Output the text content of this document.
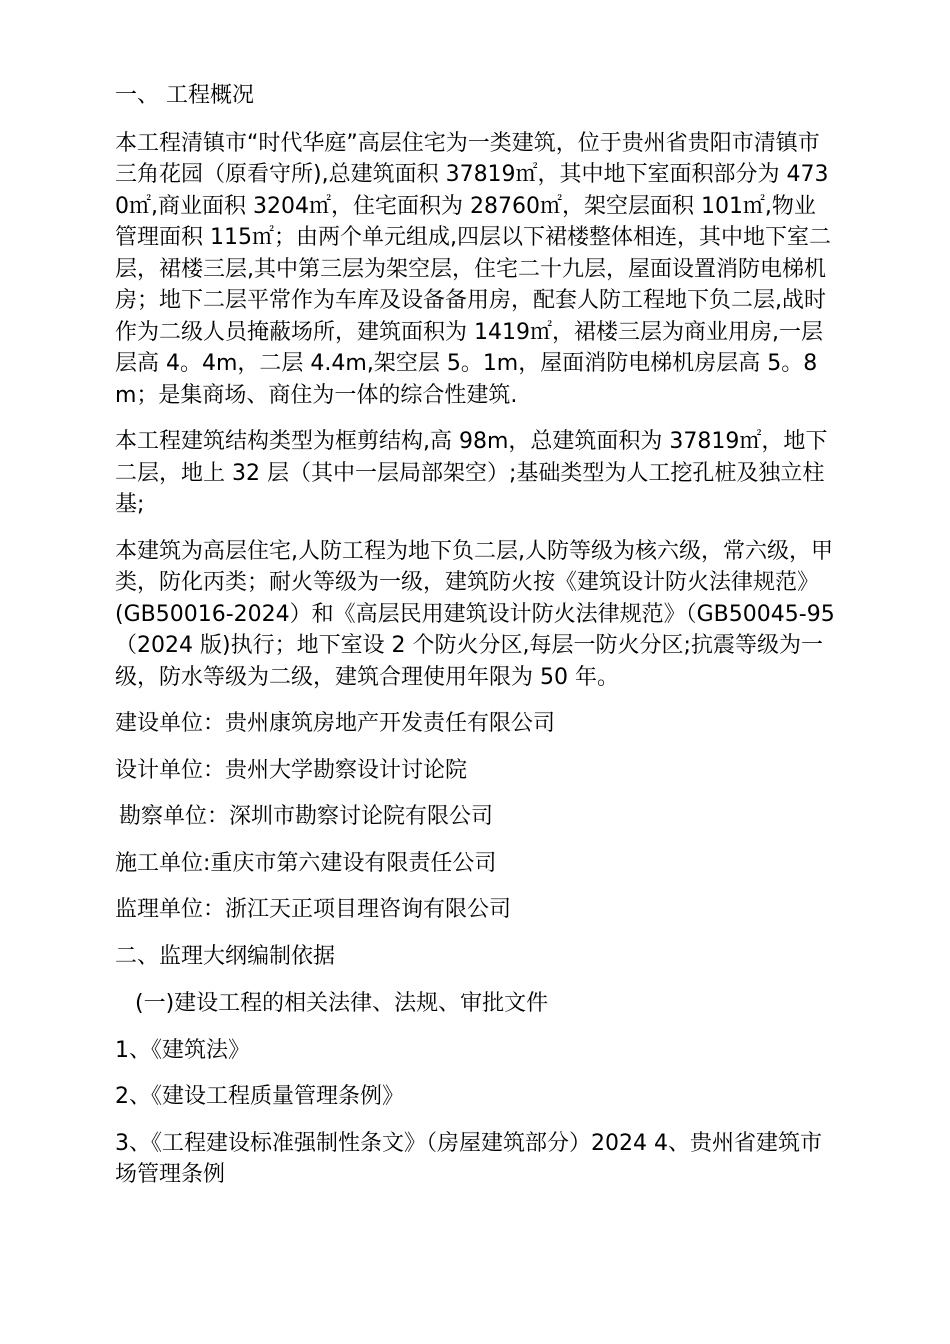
一、 工程概况

本工程清镇市“时代华庭”高层住宅为一类建筑，位于贵州省贵阳市清镇市三角花园（原看守所),总建筑面积 37819㎡，其中地下室面积部分为 4730㎡,商业面积 3204㎡，住宅面积为 28760㎡，架空层面积 101㎡,物业管理面积 115㎡；由两个单元组成,四层以下裙楼整体相连，其中地下室二层，裙楼三层,其中第三层为架空层，住宅二十九层，屋面设置消防电梯机房；地下二层平常作为车库及设备备用房，配套人防工程地下负二层,战时作为二级人员掩蔽场所，建筑面积为 1419㎡，裙楼三层为商业用房,一层层高 4。4m，二层 4.4m,架空层 5。1m，屋面消防电梯机房层高 5。8m；是集商场、商住为一体的综合性建筑.

本工程建筑结构类型为框剪结构,高 98m，总建筑面积为 37819㎡，地下二层，地上 32 层（其中一层局部架空）;基础类型为人工挖孔桩及独立柱基;

本建筑为高层住宅,人防工程为地下负二层,人防等级为核六级，常六级，甲类，防化丙类；耐火等级为一级，建筑防火按《建筑设计防火法律规范》(GB50016-2024）和《高层民用建筑设计防火法律规范》（GB50045-95（2024 版)执行；地下室设 2 个防火分区,每层一防火分区;抗震等级为一级，防水等级为二级，建筑合理使用年限为 50 年。

建设单位：贵州康筑房地产开发责任有限公司

设计单位：贵州大学勘察设计讨论院

勘察单位：深圳市勘察讨论院有限公司

施工单位:重庆市第六建设有限责任公司

监理单位：浙江天正项目理咨询有限公司

二、监理大纲编制依据

(一)建设工程的相关法律、法规、审批文件

1、《建筑法》

2、《建设工程质量管理条例》

3、《工程建设标准强制性条文》（房屋建筑部分）2024 4、贵州省建筑市场管理条例
